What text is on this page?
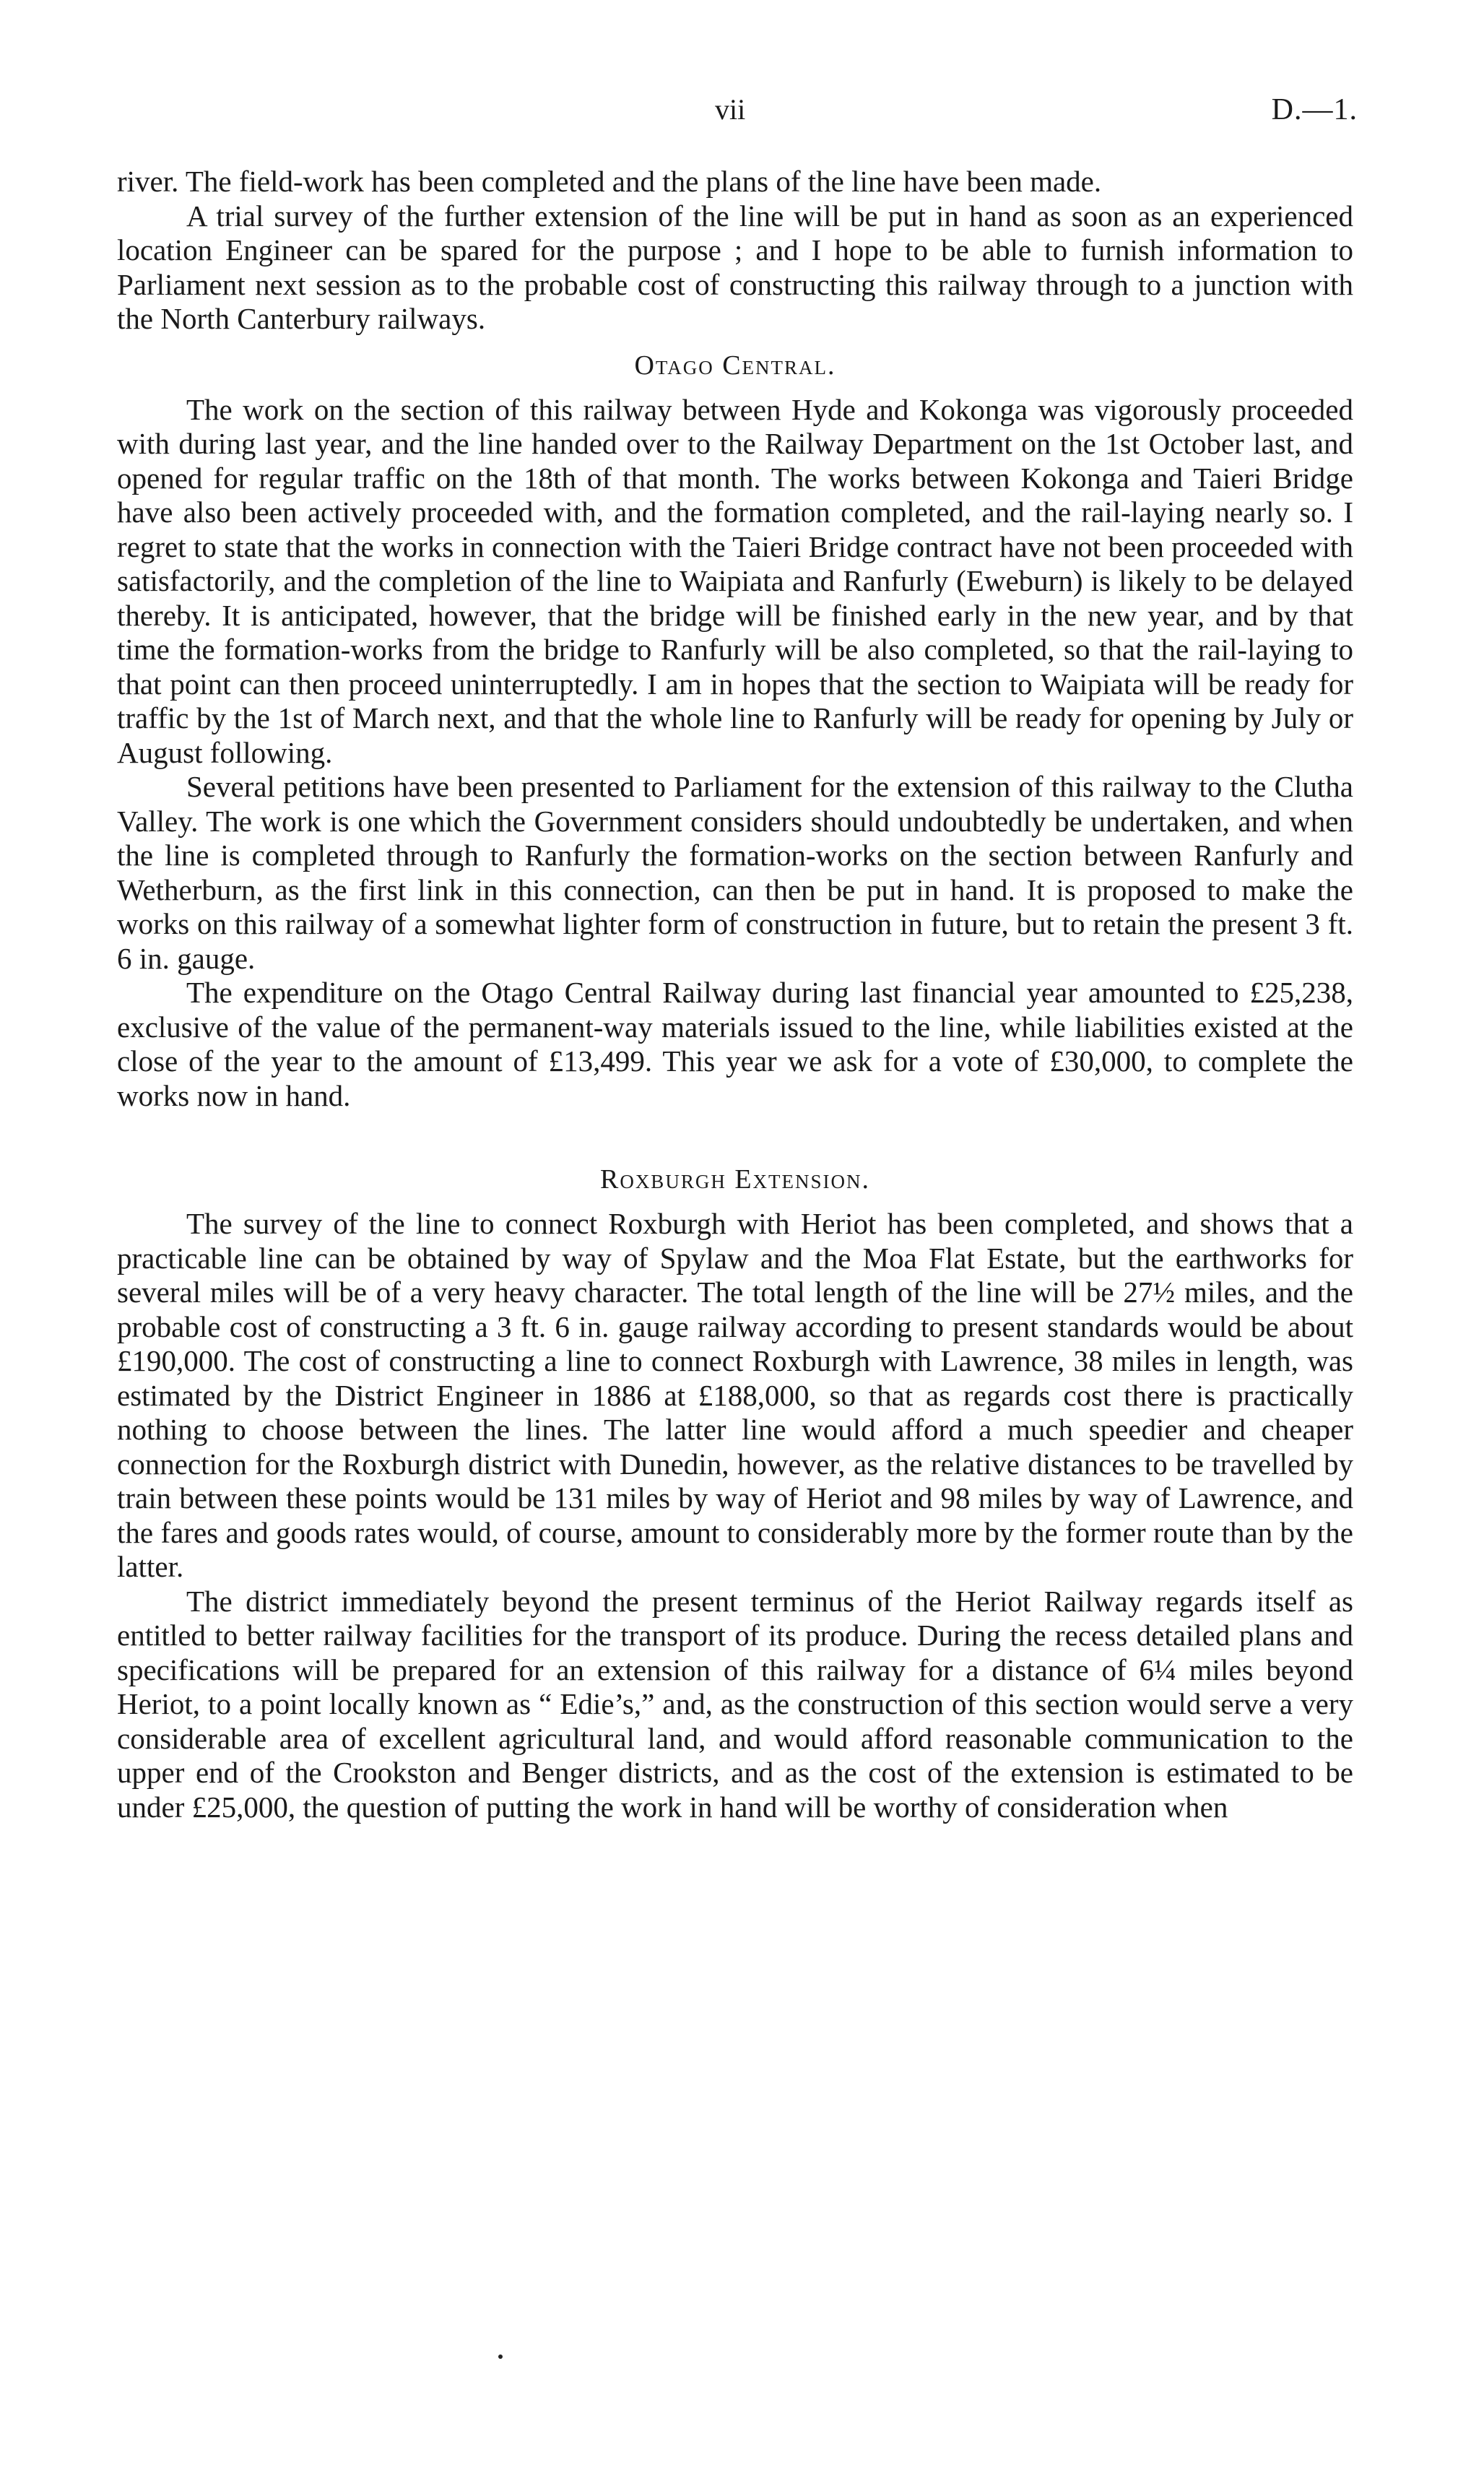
vii	D.—1.

river. The field-work has been completed and the plans of the line have been made.

A trial survey of the further extension of the line will be put in hand as soon as an experienced location Engineer can be spared for the purpose ; and I hope to be able to furnish information to Parliament next session as to the probable cost of constructing this railway through to a junction with the North Canterbury railways.

Otago Central.

The work on the section of this railway between Hyde and Kokonga was vigorously proceeded with during last year, and the line handed over to the Railway Department on the 1st October last, and opened for regular traffic on the 18th of that month. The works between Kokonga and Taieri Bridge have also been actively proceeded with, and the formation completed, and the rail-laying nearly so. I regret to state that the works in connection with the Taieri Bridge contract have not been proceeded with satisfactorily, and the completion of the line to Waipiata and Ranfurly (Eweburn) is likely to be delayed thereby. It is anticipated, however, that the bridge will be finished early in the new year, and by that time the formation-works from the bridge to Ranfurly will be also completed, so that the rail-laying to that point can then proceed uninterruptedly. I am in hopes that the section to Waipiata will be ready for traffic by the 1st of March next, and that the whole line to Ranfurly will be ready for opening by July or August following.

Several petitions have been presented to Parliament for the extension of this railway to the Clutha Valley. The work is one which the Government considers should undoubtedly be undertaken, and when the line is completed through to Ranfurly the formation-works on the section between Ranfurly and Wetherburn, as the first link in this connection, can then be put in hand. It is proposed to make the works on this railway of a somewhat lighter form of construction in future, but to retain the present 3 ft. 6 in. gauge.

The expenditure on the Otago Central Railway during last financial year amounted to £25,238, exclusive of the value of the permanent-way materials issued to the line, while liabilities existed at the close of the year to the amount of £13,499. This year we ask for a vote of £30,000, to complete the works now in hand.

Roxburgh Extension.

The survey of the line to connect Roxburgh with Heriot has been completed, and shows that a practicable line can be obtained by way of Spylaw and the Moa Flat Estate, but the earthworks for several miles will be of a very heavy character. The total length of the line will be 27½ miles, and the probable cost of constructing a 3 ft. 6 in. gauge railway according to present standards would be about £190,000. The cost of constructing a line to connect Roxburgh with Lawrence, 38 miles in length, was estimated by the District Engineer in 1886 at £188,000, so that as regards cost there is practically nothing to choose between the lines. The latter line would afford a much speedier and cheaper connection for the Roxburgh district with Dunedin, however, as the relative distances to be travelled by train between these points would be 131 miles by way of Heriot and 98 miles by way of Lawrence, and the fares and goods rates would, of course, amount to considerably more by the former route than by the latter.

The district immediately beyond the present terminus of the Heriot Railway regards itself as entitled to better railway facilities for the transport of its produce. During the recess detailed plans and specifications will be prepared for an extension of this railway for a distance of 6¼ miles beyond Heriot, to a point locally known as “ Edie’s,” and, as the construction of this section would serve a very considerable area of excellent agricultural land, and would afford reasonable communication to the upper end of the Crookston and Benger districts, and as the cost of the extension is estimated to be under £25,000, the question of putting the work in hand will be worthy of consideration when
